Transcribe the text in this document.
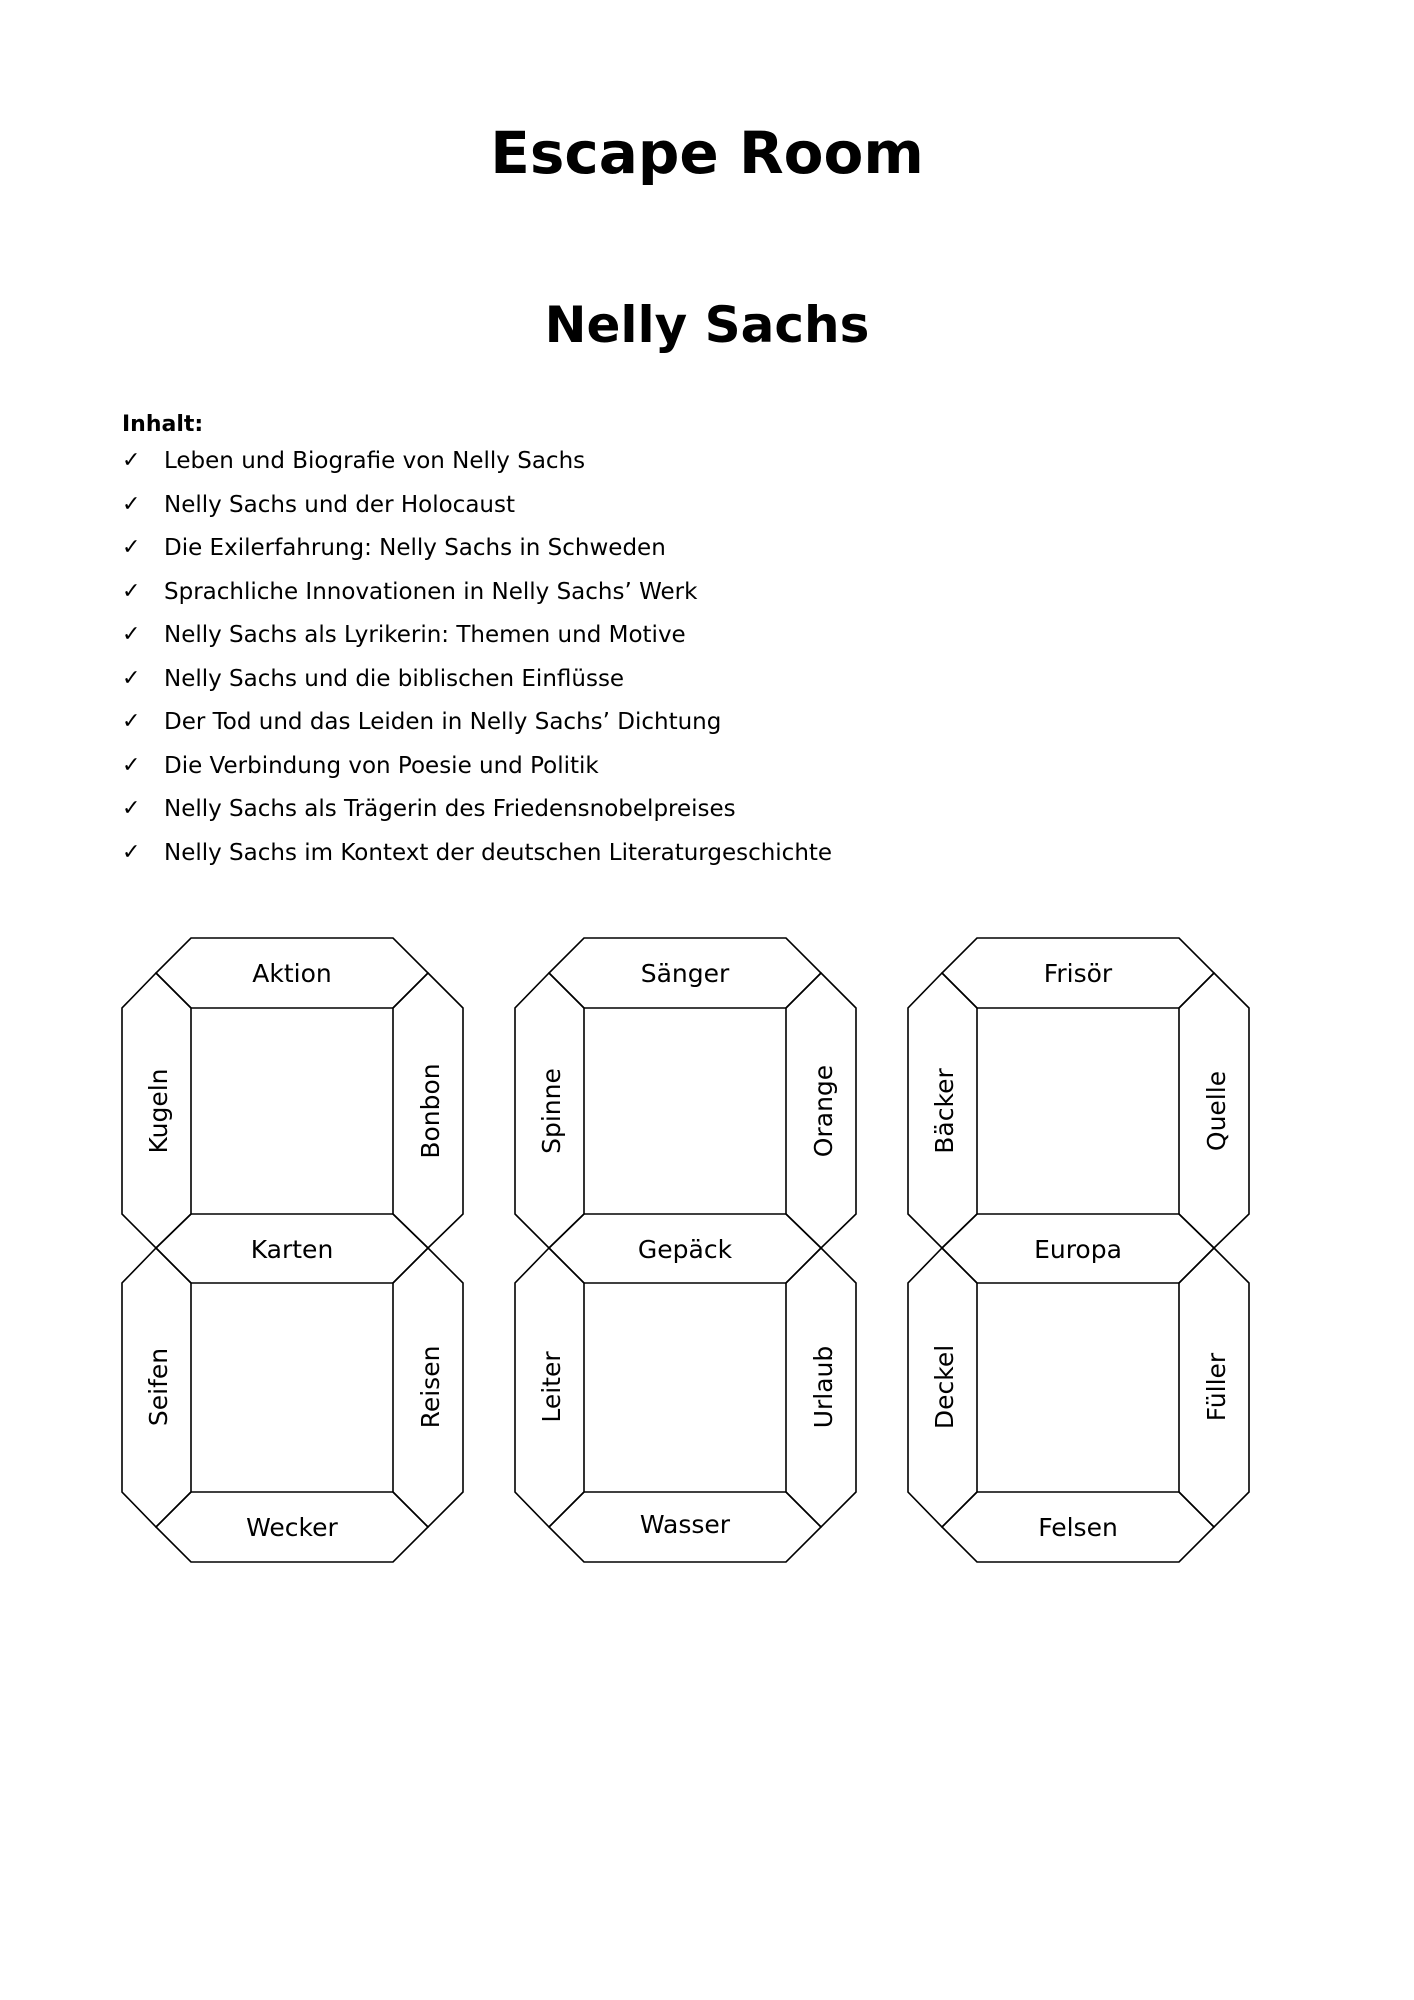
Escape Room
Nelly Sachs
Inhalt:
✓	Leben und Biografie von Nelly Sachs
✓	Nelly Sachs und der Holocaust
✓	Die Exilerfahrung: Nelly Sachs in Schweden
✓	Sprachliche Innovationen in Nelly Sachs’ Werk
✓	Nelly Sachs als Lyrikerin: Themen und Motive
✓	Nelly Sachs und die biblischen Einflüsse
✓	Der Tod und das Leiden in Nelly Sachs’ Dichtung
✓	Die Verbindung von Poesie und Politik
✓	Nelly Sachs als Trägerin des Friedensnobelpreises
✓	Nelly Sachs im Kontext der deutschen Literaturgeschichte
Aktion
Kugeln	Bonbon
Karten
Seifen	Reisen
Wecker
Sänger
Spinne	Orange
Gepäck
Leiter	Urlaub
Wasser
Frisör
Bäcker	Quelle
Europa
Deckel	Füller
Felsen
